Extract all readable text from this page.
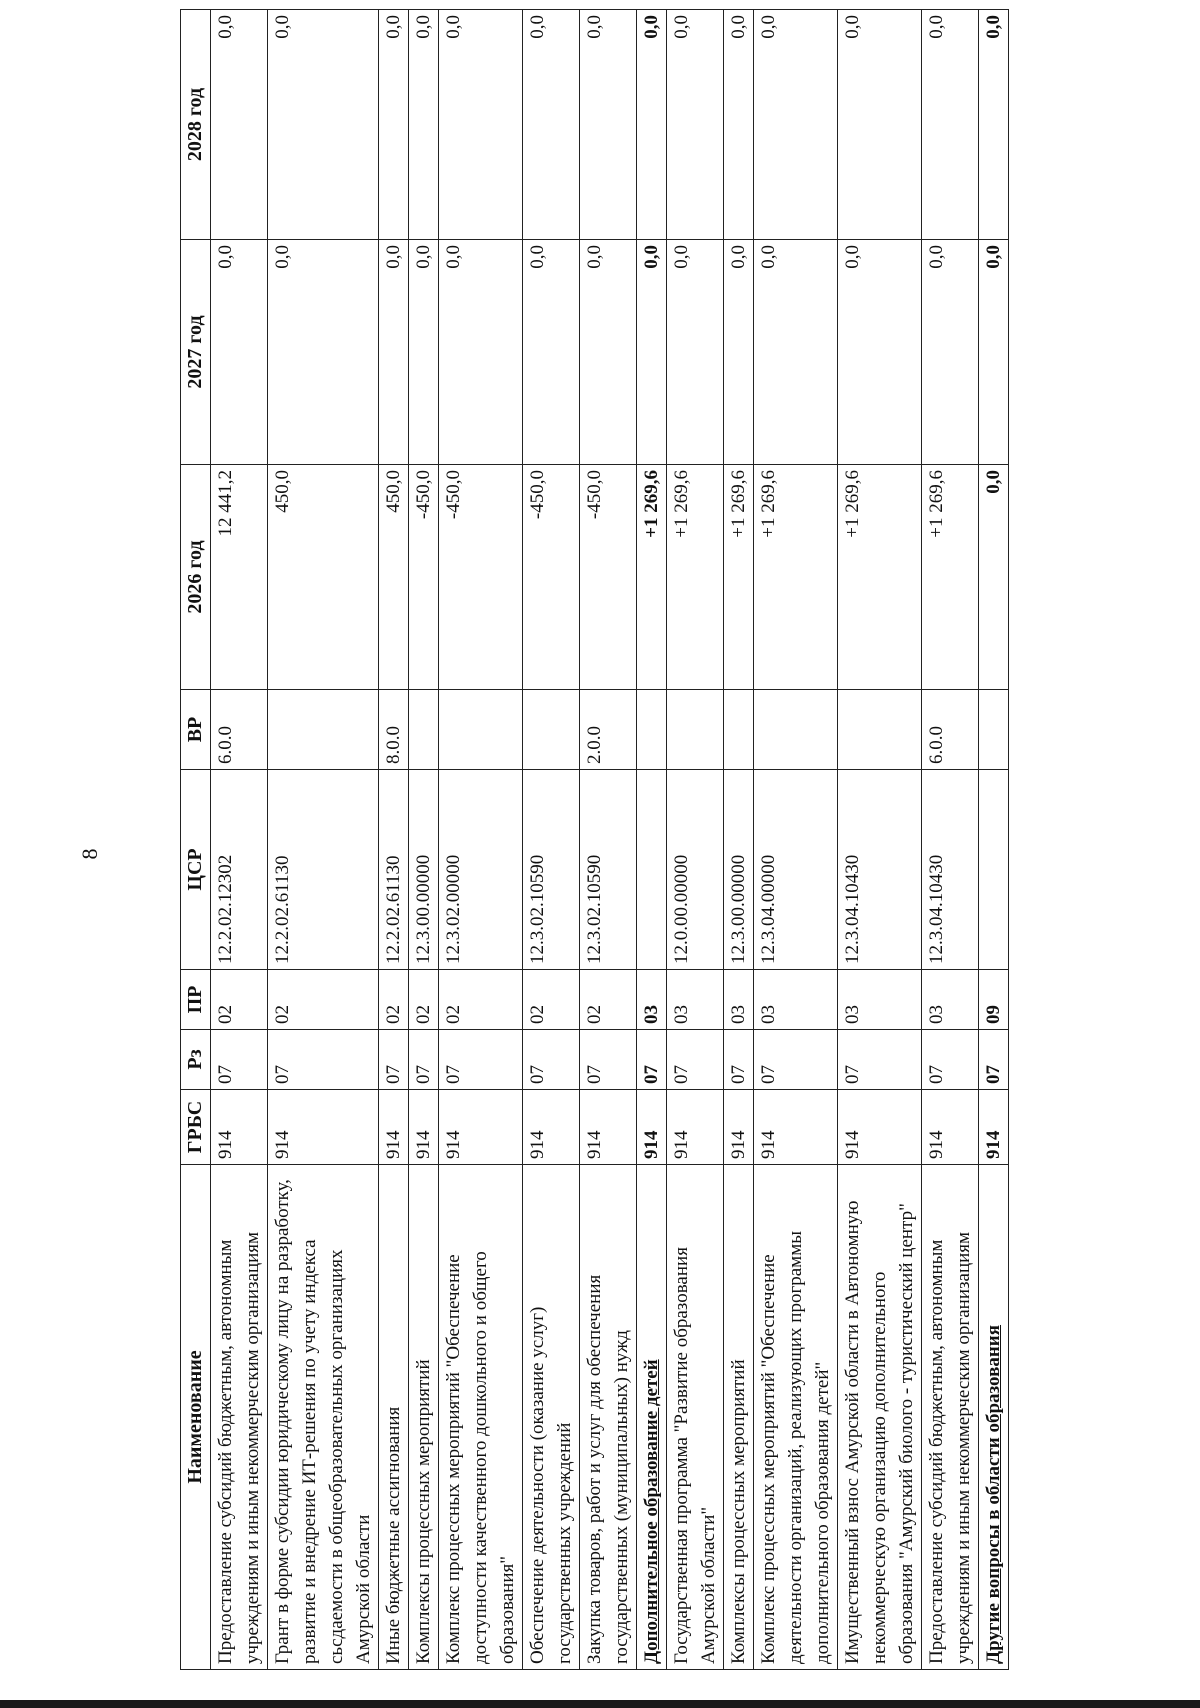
8
Наименование	ГРБС	Рз	ПР	ЦСР	ВР	2026 год	2027 год	2028 год
Предоставление субсидий бюджетным, автономным учреждениям и иным некоммерческим организациям	914	07	02	12.2.02.12302	6.0.0	12 441,2	0,0	0,0
Грант в форме субсидии юридическому лицу на разработку, развитие и внедрение ИТ-решения по учету индекса сьсдаемости в общеобразовательных организациях Амурской области	914	07	02	12.2.02.61130		450,0	0,0	0,0
Иные бюджетные ассигнования	914	07	02	12.2.02.61130	8.0.0	450,0	0,0	0,0
Комплексы процессных мероприятий	914	07	02	12.3.00.00000		-450,0	0,0	0,0
Комплекс процессных мероприятий "Обеспечение доступности качественного дошкольного и общего образования"	914	07	02	12.3.02.00000		-450,0	0,0	0,0
Обеспечение деятельности (оказание услуг) государственных учреждений	914	07	02	12.3.02.10590		-450,0	0,0	0,0
Закупка товаров, работ и услуг для обеспечения государственных (муниципальных) нужд	914	07	02	12.3.02.10590	2.0.0	-450,0	0,0	0,0
Дополнительное образование детей	914	07	03			+1 269,6	0,0	0,0
Государственная программа "Развитие образования Амурской области"	914	07	03	12.0.00.00000		+1 269,6	0,0	0,0
Комплексы процессных мероприятий	914	07	03	12.3.00.00000		+1 269,6	0,0	0,0
Комплекс процессных мероприятий "Обеспечение деятельности организаций, реализующих программы дополнительного образования детей"	914	07	03	12.3.04.00000		+1 269,6	0,0	0,0
Имущественный взнос Амурской области в Автономную некоммерческую организацию дополнительного образования "Амурский биолого - туристический центр"	914	07	03	12.3.04.10430		+1 269,6	0,0	0,0
Предоставление субсидий бюджетным, автономным учреждениям и иным некоммерческим организациям	914	07	03	12.3.04.10430	6.0.0	+1 269,6	0,0	0,0
Другие вопросы в области образования	914	07	09			0,0	0,0	0,0
